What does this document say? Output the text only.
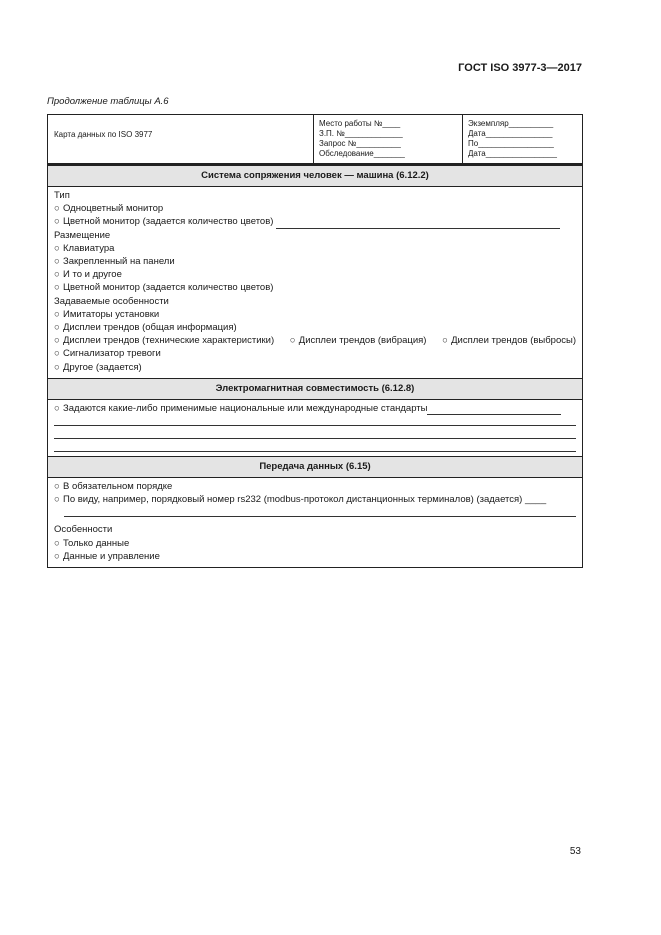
ГОСТ ISO 3977-3—2017
Продолжение таблицы А.6
Карта данных по ISO 3977
Место работы №____
З.П. №_____________
Запрос №__________
Обследование_______
Экземпляр__________
Дата_______________
По_________________
Дата________________
Система сопряжения человек — машина (6.12.2)
Тип
○ Одноцветный монитор
○ Цветной монитор (задается количество цветов)
Размещение
○ Клавиатура
○ Закрепленный на панели
○ И то и другое
○ Цветной монитор (задается количество цветов)
Задаваемые особенности
○ Имитаторы установки
○ Дисплеи трендов (общая информация)
○ Дисплеи трендов (технические характеристики) ○ Дисплеи трендов (вибрация) ○ Дисплеи трендов (выбросы)
○ Сигнализатор тревоги
○ Другое (задается)
Электромагнитная совместимость (6.12.8)
○ Задаются какие-либо применимые национальные или международные стандарты
Передача данных (6.15)
○ В обязательном порядке
○ По виду, например, порядковый номер rs232 (modbus-протокол дистанционных терминалов) (задается) ____
Особенности
○ Только данные
○ Данные и управление
53
